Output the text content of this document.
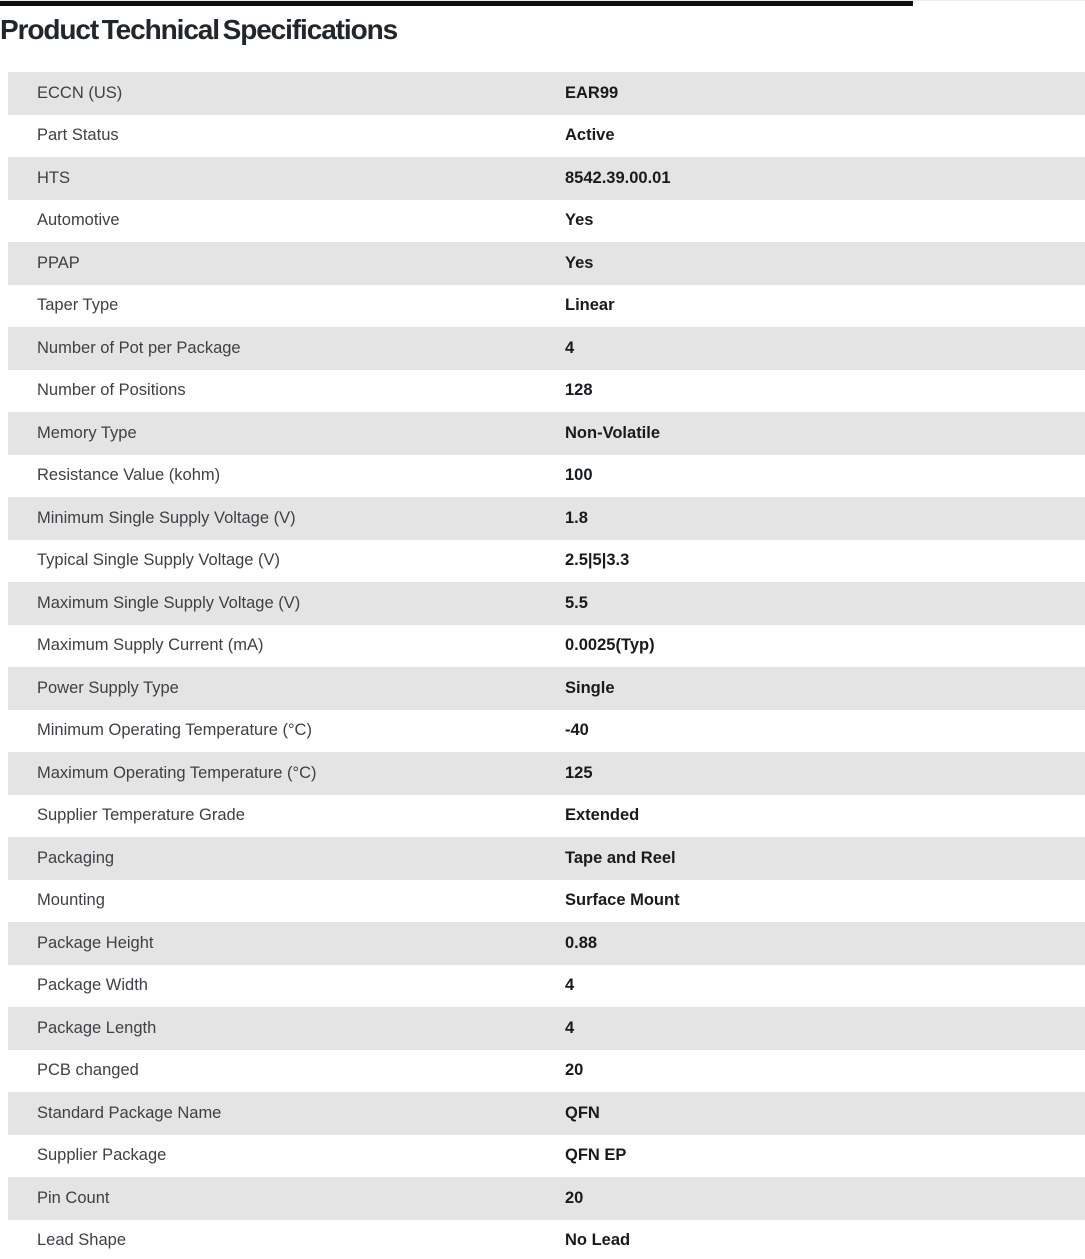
Product Technical Specifications
ECCN (US)	EAR99
Part Status	Active
HTS	8542.39.00.01
Automotive	Yes
PPAP	Yes
Taper Type	Linear
Number of Pot per Package	4
Number of Positions	128
Memory Type	Non-Volatile
Resistance Value (kohm)	100
Minimum Single Supply Voltage (V)	1.8
Typical Single Supply Voltage (V)	2.5|5|3.3
Maximum Single Supply Voltage (V)	5.5
Maximum Supply Current (mA)	0.0025(Typ)
Power Supply Type	Single
Minimum Operating Temperature (°C)	-40
Maximum Operating Temperature (°C)	125
Supplier Temperature Grade	Extended
Packaging	Tape and Reel
Mounting	Surface Mount
Package Height	0.88
Package Width	4
Package Length	4
PCB changed	20
Standard Package Name	QFN
Supplier Package	QFN EP
Pin Count	20
Lead Shape	No Lead
